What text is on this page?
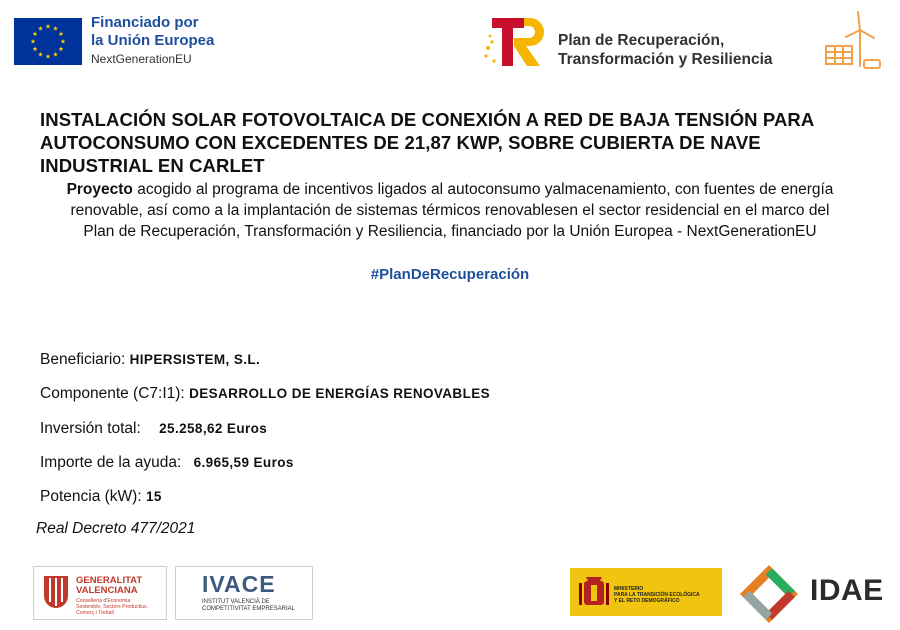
Financiado por
la Unión Europea
NextGenerationEU
Plan de Recuperación,
Transformación y Resiliencia
INSTALACIÓN SOLAR FOTOVOLTAICA DE CONEXIÓN A RED DE BAJA TENSIÓN PARA AUTOCONSUMO CON EXCEDENTES DE 21,87 KWP, SOBRE CUBIERTA DE NAVE INDUSTRIAL EN CARLET
Proyecto acogido al programa de incentivos ligados al autoconsumo yalmacenamiento, con fuentes de energía
renovable, así como a la implantación de sistemas térmicos renovablesen el sector residencial en el marco del
Plan de Recuperación, Transformación y Resiliencia, financiado por la Unión Europea - NextGenerationEU
#PlanDeRecuperación
Beneficiario: HIPERSISTEM, S.L.
Componente (C7:I1): DESARROLLO DE ENERGÍAS RENOVABLES
Inversión total: 25.258,62 Euros
Importe de la ayuda: 6.965,59 Euros
Potencia (kW): 15
Real Decreto 477/2021
GENERALITAT
VALENCIANA
Conselleria d'Economia
Sostenible, Sectors Productius,
Comerç i Treball
IVACE
INSTITUT VALENCIÀ DE
COMPETITIVITAT EMPRESARIAL
MINISTERIO
PARA LA TRANSICIÓN ECOLÓGICA
Y EL RETO DEMOGRÁFICO	IDAE
